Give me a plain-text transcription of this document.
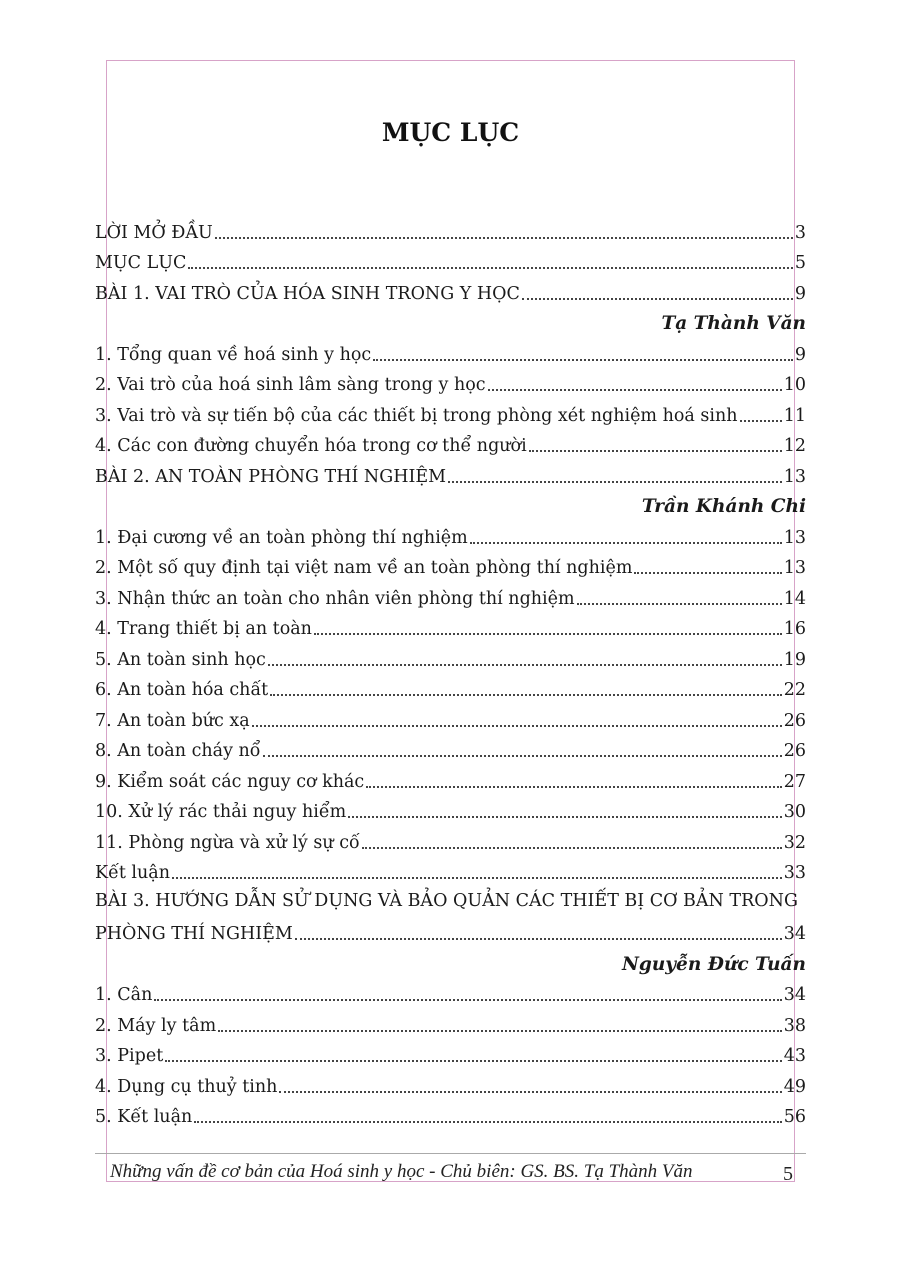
MỤC LỤC
LỜI MỞ ĐẦU	3
MỤC LỤC	5
BÀI 1. VAI TRÒ CỦA HÓA SINH TRONG Y HỌC	9
Tạ Thành Văn
1. Tổng quan về hoá sinh y học	9
2. Vai trò của hoá sinh lâm sàng trong y học	10
3. Vai trò và sự tiến bộ của các thiết bị trong phòng xét nghiệm hoá sinh	11
4. Các con đường chuyển hóa trong cơ thể người	12
BÀI 2. AN TOÀN PHÒNG THÍ NGHIỆM	13
Trần Khánh Chi
1. Đại cương về an toàn phòng thí nghiệm	13
2. Một số quy định tại việt nam về an toàn phòng thí nghiệm	13
3. Nhận thức an toàn cho nhân viên phòng thí nghiệm	14
4. Trang thiết bị an toàn	16
5. An toàn sinh học	19
6. An toàn hóa chất	22
7. An toàn bức xạ	26
8. An toàn cháy nổ	26
9. Kiểm soát các nguy cơ khác	27
10. Xử lý rác thải nguy hiểm	30
11. Phòng ngừa và xử lý sự cố	32
Kết luận	33
BÀI 3. HƯỚNG DẪN SỬ DỤNG VÀ BẢO QUẢN CÁC THIẾT BỊ CƠ BẢN TRONG
PHÒNG THÍ NGHIỆM	34
Nguyễn Đức Tuấn
1. Cân	34
2. Máy ly tâm	38
3. Pipet	43
4. Dụng cụ thuỷ tinh	49
5. Kết luận	56
Những vấn đề cơ bản của Hoá sinh y học - Chủ biên: GS. BS. Tạ Thành Văn	5
